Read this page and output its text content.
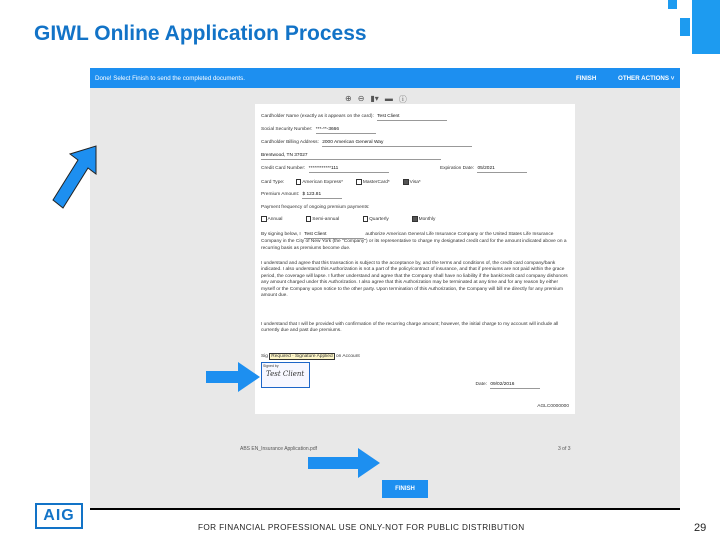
GIWL Online Application Process
Done! Select Finish to send the completed documents.	FINISH	OTHER ACTIONS ˅
⊕ ⊖ ▮▾ ▬ ⓘ
Cardholder Name (exactly as it appears on the card): Test Client
Social Security Number: ***-**-3666
Cardholder Billing Address: 2000 American General Way
Brentwood, TN 37027
Credit Card Number: ************111	Expiration Date: 05/2021
Card Type:	American Express*	MasterCard*	Visa*
Premium Amount: $ 123.81
Payment frequency of ongoing premium payments:
Annual	Semi-annual	Quarterly	Monthly
By signing below, I Test Client	authorize American General Life Insurance Company or the United States Life Insurance Company in the City of New York (the "Company") or its representative to charge my designated credit card for the amount indicated above on a recurring basis as premiums become due.
I understand and agree that this transaction is subject to the acceptance by, and the terms and conditions of, the credit card company/bank indicated. I also understand this Authorization is not a part of the policy/contract of insurance, and that if premiums are not paid within the grace period, the coverage will lapse. I further understand and agree that the Company shall have no liability if the bank/credit card company dishonors any amount charged under this Authorization. I also agree that this Authorization may be terminated at any time and for any reason by either myself or the Company upon notice to the other party. Upon termination of this Authorization, the Company will bill me directly for any premium amount due.
I understand that I will be provided with confirmation of the recurring charge amount; however, the initial charge to my account will include all currently due and past due premiums.
Sig Required · Signature Applied on Account
Date: 09/02/2016
AGLC0000000
Signed by
Test Client
ABS EN_Insurance Application.pdf	3 of 3
FINISH
AIG
FOR FINANCIAL PROFESSIONAL USE ONLY-NOT FOR PUBLIC DISTRIBUTION	29
